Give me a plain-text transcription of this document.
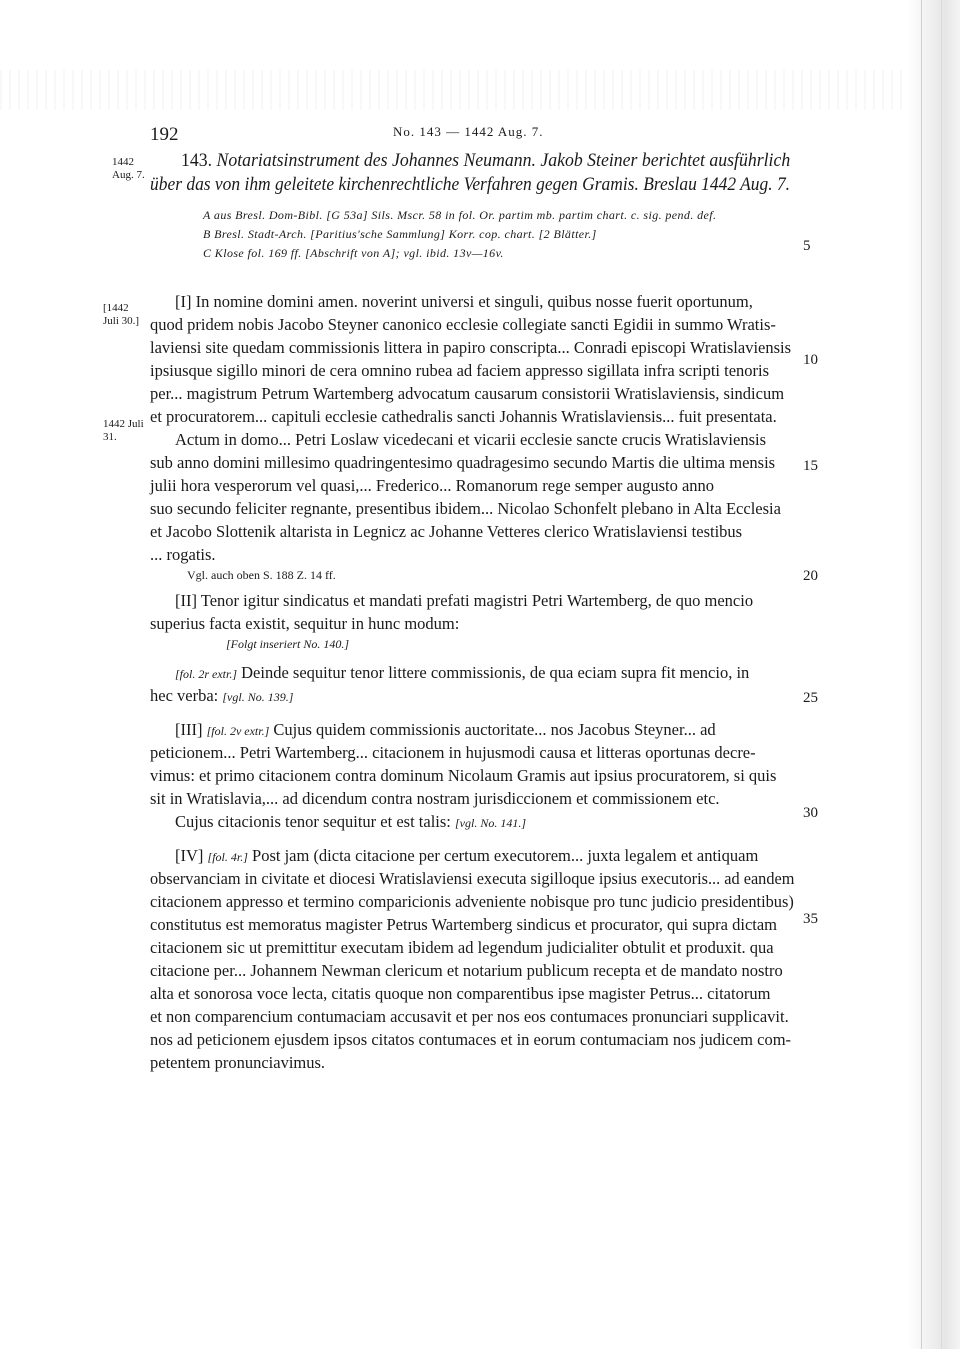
192	No. 143 — 1442 Aug. 7.
1442 Aug. 7.
143. Notariatsinstrument des Johannes Neumann. Jakob Steiner berichtet ausführlich
über das von ihm geleitete kirchenrechtliche Verfahren gegen Gramis. Breslau 1442 Aug. 7.
A aus Bresl. Dom-Bibl. [G 53a] Sils. Mscr. 58 in fol. Or. partim mb. partim chart. c. sig. pend. def.
B Bresl. Stadt-Arch. [Paritius'sche Sammlung] Korr. cop. chart. [2 Blätter.]
C Klose fol. 169 ff. [Abschrift von A]; vgl. ibid. 13v—16v.	5
10
15
20
25
30
35
[1442 Juli 30.]
1442 Juli 31.
[I] In nomine domini amen. noverint universi et singuli, quibus nosse fuerit oportunum,
quod pridem nobis Jacobo Steyner canonico ecclesie collegiate sancti Egidii in summo Wratis-
laviensi site quedam commissionis littera in papiro conscripta... Conradi episcopi Wratislaviensis
ipsiusque sigillo minori de cera omnino rubea ad faciem appresso sigillata infra scripti tenoris
per... magistrum Petrum Wartemberg advocatum causarum consistorii Wratislaviensis, sindicum
et procuratorem... capituli ecclesie cathedralis sancti Johannis Wratislaviensis... fuit presentata.
Actum in domo... Petri Loslaw vicedecani et vicarii ecclesie sancte crucis Wratislaviensis
sub anno domini millesimo quadringentesimo quadragesimo secundo Martis die ultima mensis
julii hora vesperorum vel quasi,... Frederico... Romanorum rege semper augusto anno
suo secundo feliciter regnante, presentibus ibidem... Nicolao Schonfelt plebano in Alta Ecclesia
et Jacobo Slottenik altarista in Legnicz ac Johanne Vetteres clerico Wratislaviensi testibus
... rogatis.
Vgl. auch oben S. 188 Z. 14 ff.
[II] Tenor igitur sindicatus et mandati prefati magistri Petri Wartemberg, de quo mencio
superius facta existit, sequitur in hunc modum:
[Folgt inseriert No. 140.]
[fol. 2r extr.] Deinde sequitur tenor littere commissionis, de qua eciam supra fit mencio, in
hec verba: [vgl. No. 139.]
[III] [fol. 2v extr.] Cujus quidem commissionis auctoritate... nos Jacobus Steyner... ad
peticionem... Petri Wartemberg... citacionem in hujusmodi causa et litteras oportunas decre-
vimus: et primo citacionem contra dominum Nicolaum Gramis aut ipsius procuratorem, si quis
sit in Wratislavia,... ad dicendum contra nostram jurisdiccionem et commissionem etc.
Cujus citacionis tenor sequitur et est talis: [vgl. No. 141.]
[IV] [fol. 4r.] Post jam (dicta citacione per certum executorem... juxta legalem et antiquam
observanciam in civitate et diocesi Wratislaviensi executa sigilloque ipsius executoris... ad eandem
citacionem appresso et termino comparicionis adveniente nobisque pro tunc judicio presidentibus)
constitutus est memoratus magister Petrus Wartemberg sindicus et procurator, qui supra dictam
citacionem sic ut premittitur executam ibidem ad legendum judicialiter obtulit et produxit. qua
citacione per... Johannem Newman clericum et notarium publicum recepta et de mandato nostro
alta et sonorosa voce lecta, citatis quoque non comparentibus ipse magister Petrus... citatorum
et non comparencium contumaciam accusavit et per nos eos contumaces pronunciari supplicavit.
nos ad peticionem ejusdem ipsos citatos contumaces et in eorum contumaciam nos judicem com-
petentem pronunciavimus.
